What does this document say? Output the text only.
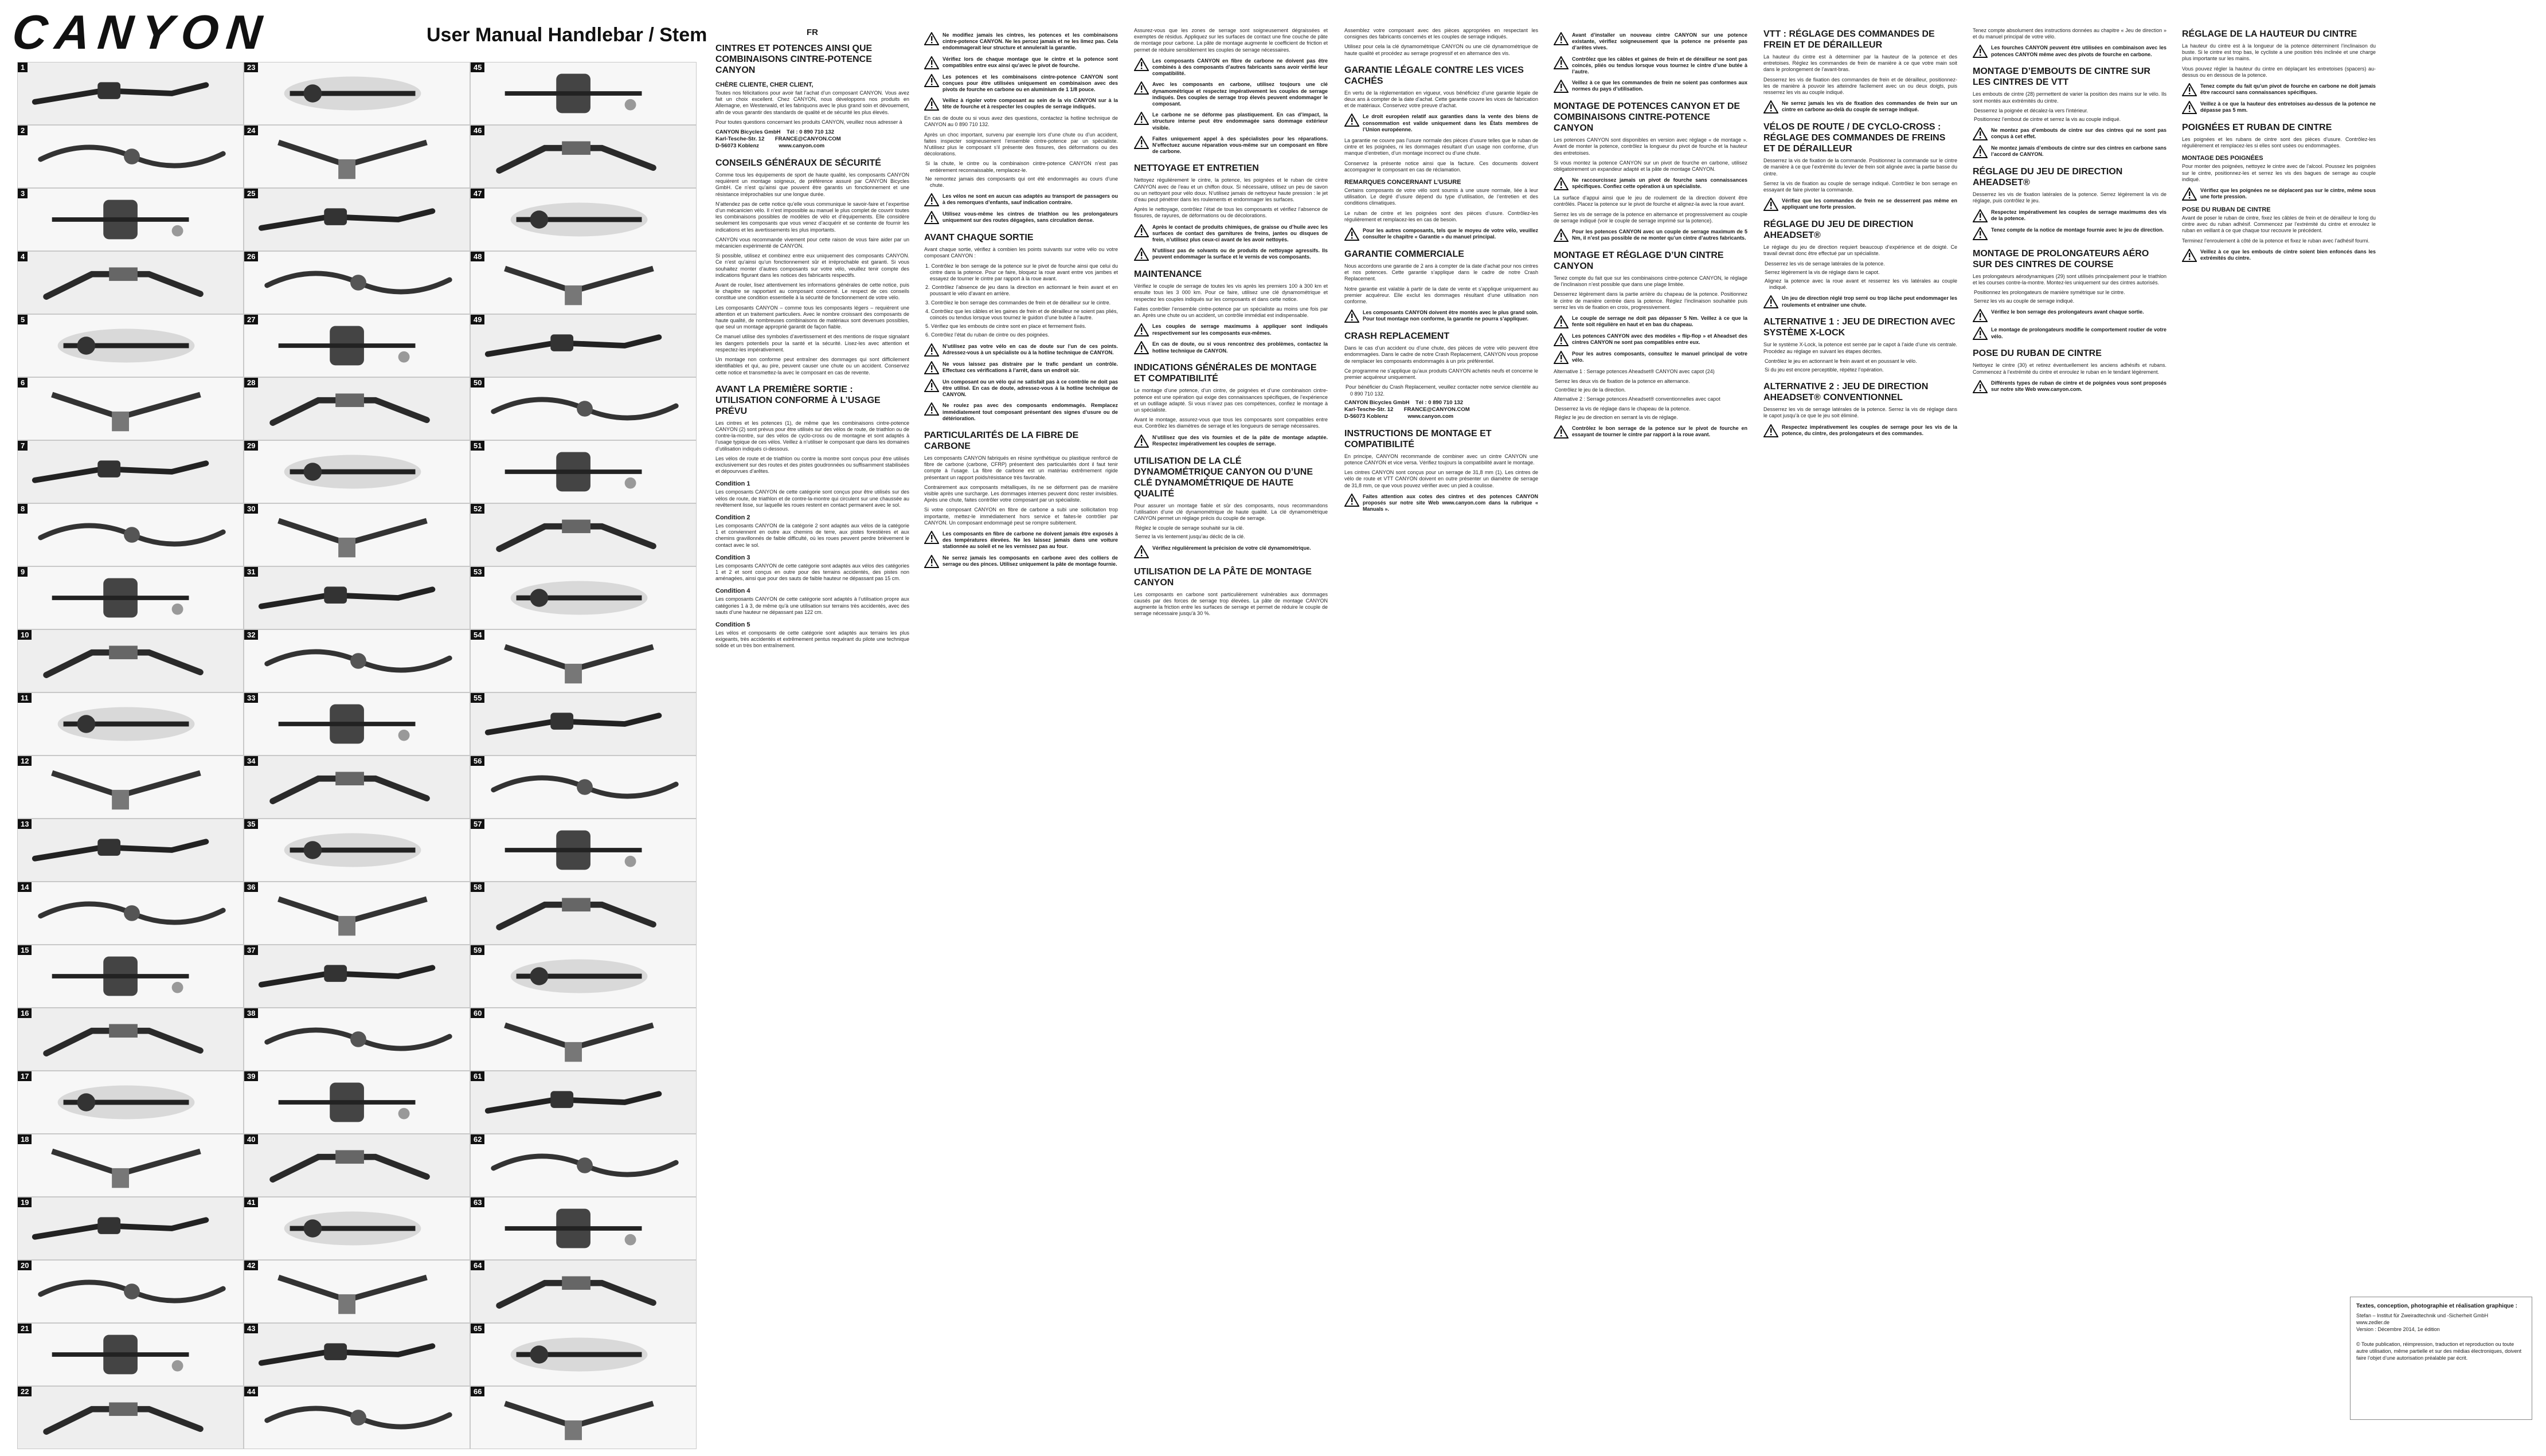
CANYON	User Manual Handlebar / Stem
1
2
3
4
5
6
7
8
9
10
11
12
13
14
15
16
17
18
19
20
21
22
23
24
25
26
27
28
29
30
31
32
33
34
35
36
37
38
39
40
41
42
43
44
45
46
47
48
49
50
51
52
53
54
55
56
57
58
59
60
61
62
63
64
65
66
FR
CINTRES ET POTENCES AINSI QUE COMBINAISONS CINTRE-POTENCE CANYON
CHÈRE CLIENTE, CHER CLIENT,

Toutes nos félicitations pour avoir fait l’achat d’un composant CANYON. Vous avez fait un choix excellent. Chez CANYON, nous développons nos produits en Allemagne, en Westerwald, et les fabriquons avec le plus grand soin et dévouement, afin de vous garantir des standards de qualité et de sécurité les plus élevés.

Pour toutes questions concernant les produits CANYON, veuillez nous adresser à

CANYON Bicycles GmbH    Tél : 0 890 710 132
Karl-Tesche-Str. 12       FRANCE@CANYON.COM
D-56073 Koblenz             www.canyon.com
CONSEILS GÉNÉRAUX DE SÉCURITÉ

Comme tous les équipements de sport de haute qualité, les composants CANYON requièrent un montage soigneux, de préférence assuré par CANYON Bicycles GmbH. Ce n’est qu’ainsi que pouvent être garantis un fonctionnement et une résistance irréprochables sur une longue durée.

N’attendez pas de cette notice qu’elle vous communique le savoir-faire et l’expertise d’un mécanicien vélo. Il n’est impossible au manuel le plus complet de couvrir toutes les combinaisons possibles de modèles de vélo et d’équipements. Elle considère seulement les composants que vous venez d’acquérir et se contente de fournir les indications et les avertissements les plus importants.

CANYON vous recommande vivement pour cette raison de vous faire aider par un mécanicien expérimenté de CANYON.

Si possible, utilisez et combinez entre eux uniquement des composants CANYON. Ce n’est qu’ainsi qu’un fonctionnement sûr et irréprochable est garanti. Si vous souhaitez monter d’autres composants sur votre vélo, veuillez tenir compte des indications figurant dans les notices des fabricants respectifs.

Avant de rouler, lisez attentivement les informations générales de cette notice, puis le chapitre se rapportant au composant concerné. Le respect de ces conseils constitue une condition essentielle à la sécurité de fonctionnement de votre vélo.

Les composants CANYON – comme tous les composants légers – requièrent une attention et un traitement particuliers. Avec le nombre croissant des composants de haute qualité, de nombreuses combinaisons de matériaux sont devenues possibles, que seul un montage approprié garantit de façon fiable.

Ce manuel utilise des symboles d’avertissement et des mentions de risque signalant les dangers potentiels pour la santé et la sécurité. Lisez-les avec attention et respectez-les impérativement.

Un montage non conforme peut entraîner des dommages qui sont difficilement identifiables et qui, au pire, peuvent causer une chute ou un accident. Conservez cette notice et transmettez-la avec le composant en cas de revente.

AVANT LA PREMIÈRE SORTIE : UTILISATION CONFORME À L’USAGE PRÉVU

Les cintres et les potences (1), de même que les combinaisons cintre-potence CANYON (2) sont prévus pour être utilisés sur des vélos de route, de triathlon ou de contre-la-montre, sur des vélos de cyclo-cross ou de montagne et sont adaptés à l’usage typique de ces vélos. Veillez à n’utiliser le composant que dans les domaines d’utilisation indiqués ci-dessous.

Les vélos de route et de triathlon ou contre la montre sont conçus pour être utilisés exclusivement sur des routes et des pistes goudronnées ou suffisamment stabilisées et dépourvues d’arêtes.

Condition 1

Les composants CANYON de cette catégorie sont conçus pour être utilisés sur des vélos de route, de triathlon et de contre-la-montre qui circulent sur une chaussée au revêtement lisse, sur laquelle les roues restent en contact permanent avec le sol.

Condition 2

Les composants CANYON de la catégorie 2 sont adaptés aux vélos de la catégorie 1 et conviennent en outre aux chemins de terre, aux pistes forestières et aux chemins gravillonnés de faible difficulté, où les roues peuvent perdre brièvement le contact avec le sol.

Condition 3

Les composants CANYON de cette catégorie sont adaptés aux vélos des catégories 1 et 2 et sont conçus en outre pour des terrains accidentés, des pistes non aménagées, ainsi que pour des sauts de faible hauteur ne dépassant pas 15 cm.

Condition 4

Les composants CANYON de cette catégorie sont adaptés à l’utilisation propre aux catégories 1 à 3, de même qu’à une utilisation sur terrains très accidentés, avec des sauts d’une hauteur ne dépassant pas 122 cm.

Condition 5

Les vélos et composants de cette catégorie sont adaptés aux terrains les plus exigeants, très accidentés et extrêmement pentus requérant du pilote une technique solide et un très bon entraînement.

Ne modifiez jamais les cintres, les potences et les combinaisons cintre-potence CANYON. Ne les percez jamais et ne les limez pas. Cela endommagerait leur structure et annulerait la garantie.
Vérifiez lors de chaque montage que le cintre et la potence sont compatibles entre eux ainsi qu’avec le pivot de fourche.
Les potences et les combinaisons cintre-potence CANYON sont conçues pour être utilisées uniquement en combinaison avec des pivots de fourche en carbone ou en aluminium de 1 1/8 pouce.
Veillez à rigoler votre composant au sein de la vis CANYON sur à la tête de fourche et à respecter les couples de serrage indiqués.

En cas de doute ou si vous avez des questions, contactez la hotline technique de CANYON au 0 890 710 132.

Après un choc important, survenu par exemple lors d’une chute ou d’un accident, faites inspecter soigneusement l’ensemble cintre-potence par un spécialiste. N’utilisez plus le composant s’il présente des fissures, des déformations ou des décolorations.

Si la chute, le cintre ou la combinaison cintre-potence CANYON n’est pas entièrement reconnaissable, remplacez-le.

Ne remontez jamais des composants qui ont été endommagés au cours d’une chute.

Les vélos ne sont en aucun cas adaptés au transport de passagers ou à des remorques d’enfants, sauf indication contraire.
Utilisez vous-même les cintres de triathlon ou les prolongateurs uniquement sur des routes dégagées, sans circulation dense.
AVANT CHAQUE SORTIE

Avant chaque sortie, vérifiez à combien les points suivants sur votre vélo ou votre composant CANYON :

1. Contrôlez le bon serrage de la potence sur le pivot de fourche ainsi que celui du cintre dans la potence. Pour ce faire, bloquez la roue avant entre vos jambes et essayez de tourner le cintre par rapport à la roue avant.

2. Contrôlez l’absence de jeu dans la direction en actionnant le frein avant et en poussant le vélo d’avant en arrière.

3. Contrôlez le bon serrage des commandes de frein et de dérailleur sur le cintre.

4. Contrôlez que les câbles et les gaines de frein et de dérailleur ne soient pas pliés, coincés ou tendus lorsque vous tournez le guidon d’une butée à l’autre.

5. Vérifiez que les embouts de cintre sont en place et fermement fixés.

6. Contrôlez l’état du ruban de cintre ou des poignées.

N’utilisez pas votre vélo en cas de doute sur l’un de ces points. Adressez-vous à un spécialiste ou à la hotline technique de CANYON.
Ne vous laissez pas distraire par le trafic pendant un contrôle. Effectuez ces vérifications à l’arrêt, dans un endroit sûr.
Un composant ou un vélo qui ne satisfait pas à ce contrôle ne doit pas être utilisé. En cas de doute, adressez-vous à la hotline technique de CANYON.
Ne roulez pas avec des composants endommagés. Remplacez immédiatement tout composant présentant des signes d’usure ou de détérioration.
PARTICULARITÉS DE LA FIBRE DE CARBONE

Les composants CANYON fabriqués en résine synthétique ou plastique renforcé de fibre de carbone (carbone, CFRP) présentent des particularités dont il faut tenir compte à l’usage. La fibre de carbone est un matériau extrêmement rigide présentant un rapport poids/résistance très favorable.

Contrairement aux composants métalliques, ils ne se déforment pas de manière visible après une surcharge. Les dommages internes peuvent donc rester invisibles. Après une chute, faites contrôler votre composant par un spécialiste.

Si votre composant CANYON en fibre de carbone a subi une sollicitation trop importante, mettez-le immédiatement hors service et faites-le contrôler par CANYON. Un composant endommagé peut se rompre subitement.

Les composants en fibre de carbone ne doivent jamais être exposés à des températures élevées. Ne les laissez jamais dans une voiture stationnée au soleil et ne les vernissez pas au four.
Ne serrez jamais les composants en carbone avec des colliers de serrage ou des pinces. Utilisez uniquement la pâte de montage fournie.

Assurez-vous que les zones de serrage sont soigneusement dégraissées et exemptes de résidus. Appliquez sur les surfaces de contact une fine couche de pâte de montage pour carbone. La pâte de montage augmente le coefficient de friction et permet de réduire sensiblement les couples de serrage nécessaires.

Les composants CANYON en fibre de carbone ne doivent pas être combinés à des composants d’autres fabricants sans avoir vérifié leur compatibilité.
Avec les composants en carbone, utilisez toujours une clé dynamométrique et respectez impérativement les couples de serrage indiqués. Des couples de serrage trop élevés peuvent endommager le composant.
Le carbone ne se déforme pas plastiquement. En cas d’impact, la structure interne peut être endommagée sans dommage extérieur visible.
Faites uniquement appel à des spécialistes pour les réparations. N’effectuez aucune réparation vous-même sur un composant en fibre de carbone.
NETTOYAGE ET ENTRETIEN

Nettoyez régulièrement le cintre, la potence, les poignées et le ruban de cintre CANYON avec de l’eau et un chiffon doux. Si nécessaire, utilisez un peu de savon ou un nettoyant pour vélo doux. N’utilisez jamais de nettoyeur haute pression : le jet d’eau peut pénétrer dans les roulements et endommager les surfaces.

Après le nettoyage, contrôlez l’état de tous les composants et vérifiez l’absence de fissures, de rayures, de déformations ou de décolorations.

Après le contact de produits chimiques, de graisse ou d’huile avec les surfaces de contact des garnitures de freins, jantes ou disques de frein, n’utilisez plus ceux-ci avant de les avoir nettoyés.
N’utilisez pas de solvants ou de produits de nettoyage agressifs. Ils peuvent endommager la surface et le vernis de vos composants.
MAINTENANCE

Vérifiez le couple de serrage de toutes les vis après les premiers 100 à 300 km et ensuite tous les 3 000 km. Pour ce faire, utilisez une clé dynamométrique et respectez les couples indiqués sur les composants et dans cette notice.

Faites contrôler l’ensemble cintre-potence par un spécialiste au moins une fois par an. Après une chute ou un accident, un contrôle immédiat est indispensable.

Les couples de serrage maximums à appliquer sont indiqués respectivement sur les composants eux-mêmes.
En cas de doute, ou si vous rencontrez des problèmes, contactez la hotline technique de CANYON.
INDICATIONS GÉNÉRALES DE MONTAGE ET COMPATIBILITÉ

Le montage d’une potence, d’un cintre, de poignées et d’une combinaison cintre-potence est une opération qui exige des connaissances spécifiques, de l’expérience et un outillage adapté. Si vous n’avez pas ces compétences, confiez le montage à un spécialiste.

Avant le montage, assurez-vous que tous les composants sont compatibles entre eux. Contrôlez les diamètres de serrage et les longueurs de serrage nécessaires.

N’utilisez que des vis fournies et de la pâte de montage adaptée. Respectez impérativement les couples de serrage.
UTILISATION DE LA CLÉ DYNAMOMÉTRIQUE CANYON OU D’UNE CLÉ DYNAMOMÉTRIQUE DE HAUTE QUALITÉ

Pour assurer un montage fiable et sûr des composants, nous recommandons l’utilisation d’une clé dynamométrique de haute qualité. La clé dynamométrique CANYON permet un réglage précis du couple de serrage.

Réglez le couple de serrage souhaité sur la clé.

Serrez la vis lentement jusqu’au déclic de la clé.

Vérifiez régulièrement la précision de votre clé dynamométrique.
UTILISATION DE LA PÂTE DE MONTAGE CANYON

Les composants en carbone sont particulièrement vulnérables aux dommages causés par des forces de serrage trop élevées. La pâte de montage CANYON augmente la friction entre les surfaces de serrage et permet de réduire le couple de serrage nécessaire jusqu’à 30 %.

Assemblez votre composant avec des pièces appropriées en respectant les consignes des fabricants concernés et les couples de serrage indiqués.

Utilisez pour cela la clé dynamométrique CANYON ou une clé dynamométrique de haute qualité et procédez au serrage progressif et en alternance des vis.

GARANTIE LÉGALE CONTRE LES VICES CACHÉS

En vertu de la réglementation en vigueur, vous bénéficiez d’une garantie légale de deux ans à compter de la date d’achat. Cette garantie couvre les vices de fabrication et de matériaux. Conservez votre preuve d’achat.

Le droit européen relatif aux garanties dans la vente des biens de consommation est valide uniquement dans les États membres de l’Union européenne.

La garantie ne couvre pas l’usure normale des pièces d’usure telles que le ruban de cintre et les poignées, ni les dommages résultant d’un usage non conforme, d’un manque d’entretien, d’un montage incorrect ou d’une chute.

Conservez la présente notice ainsi que la facture. Ces documents doivent accompagner le composant en cas de réclamation.

REMARQUES CONCERNANT L’USURE

Certains composants de votre vélo sont soumis à une usure normale, liée à leur utilisation. Le degré d’usure dépend du type d’utilisation, de l’entretien et des conditions climatiques.

Le ruban de cintre et les poignées sont des pièces d’usure. Contrôlez-les régulièrement et remplacez-les en cas de besoin.

Pour les autres composants, tels que le moyeu de votre vélo, veuillez consulter le chapitre « Garantie » du manuel principal.
GARANTIE COMMERCIALE

Nous accordons une garantie de 2 ans à compter de la date d’achat pour nos cintres et nos potences. Cette garantie s’applique dans le cadre de notre Crash Replacement.

Notre garantie est valable à partir de la date de vente et s’applique uniquement au premier acquéreur. Elle exclut les dommages résultant d’une utilisation non conforme.

Les composants CANYON doivent être montés avec le plus grand soin. Pour tout montage non conforme, la garantie ne pourra s’appliquer.
CRASH REPLACEMENT

Dans le cas d’un accident ou d’une chute, des pièces de votre vélo peuvent être endommagées. Dans le cadre de notre Crash Replacement, CANYON vous propose de remplacer les composants endommagés à un prix préférentiel.

Ce programme ne s’applique qu’aux produits CANYON achetés neufs et concerne le premier acquéreur uniquement.

Pour bénéficier du Crash Replacement, veuillez contacter notre service clientèle au 0 890 710 132.

CANYON Bicycles GmbH    Tél : 0 890 710 132
Karl-Tesche-Str. 12       FRANCE@CANYON.COM
D-56073 Koblenz             www.canyon.com
INSTRUCTIONS DE MONTAGE ET COMPATIBILITÉ

En principe, CANYON recommande de combiner avec un cintre CANYON une potence CANYON et vice versa. Vérifiez toujours la compatibilité avant le montage.

Les cintres CANYON sont conçus pour un serrage de 31,8 mm (1). Les cintres de vélo de route et VTT CANYON doivent en outre présenter un diamètre de serrage de 31,8 mm, ce que vous pouvez vérifier avec un pied à coulisse.

Faites attention aux cotes des cintres et des potences CANYON proposés sur notre site Web www.canyon.com dans la rubrique « Manuals ».
Avant d’installer un nouveau cintre CANYON sur une potence existante, vérifiez soigneusement que la potence ne présente pas d’arêtes vives.
Contrôlez que les câbles et gaines de frein et de dérailleur ne sont pas coincés, pliés ou tendus lorsque vous tournez le cintre d’une butée à l’autre.
Veillez à ce que les commandes de frein ne soient pas conformes aux normes du pays d’utilisation.
MONTAGE DE POTENCES CANYON ET DE COMBINAISONS CINTRE-POTENCE CANYON

Les potences CANYON sont disponibles en version avec réglage « de montage ». Avant de monter la potence, contrôlez la longueur du pivot de fourche et la hauteur des entretoises.

Si vous montez la potence CANYON sur un pivot de fourche en carbone, utilisez obligatoirement un expandeur adapté et la pâte de montage CANYON.

Ne raccourcissez jamais un pivot de fourche sans connaissances spécifiques. Confiez cette opération à un spécialiste.

La surface d’appui ainsi que le jeu de roulement de la direction doivent être contrôlés. Placez la potence sur le pivot de fourche et alignez-la avec la roue avant.

Serrez les vis de serrage de la potence en alternance et progressivement au couple de serrage indiqué (voir le couple de serrage imprimé sur la potence).

Pour les potences CANYON avec un couple de serrage maximum de 5 Nm, il n’est pas possible de ne monter qu’un cintre d’autres fabricants.
MONTAGE ET RÉGLAGE D’UN CINTRE CANYON

Tenez compte du fait que sur les combinaisons cintre-potence CANYON, le réglage de l’inclinaison n’est possible que dans une plage limitée.

Desserrez légèrement dans la partie arrière du chapeau de la potence. Positionnez le cintre de manière centrée dans la potence. Réglez l’inclinaison souhaitée puis serrez les vis de fixation en croix, progressivement.

Le couple de serrage ne doit pas dépasser 5 Nm. Veillez à ce que la fente soit régulière en haut et en bas du chapeau.
Les potences CANYON avec des modèles « flip-flop » et Aheadset des cintres CANYON ne sont pas compatibles entre eux.
Pour les autres composants, consultez le manuel principal de votre vélo.

Alternative 1 : Serrage potences Aheadset® CANYON avec capot (24)

Serrez les deux vis de fixation de la potence en alternance.

Contrôlez le jeu de la direction.

Alternative 2 : Serrage potences Aheadset® conventionnelles avec capot

Desserrez la vis de réglage dans le chapeau de la potence.

Réglez le jeu de direction en serrant la vis de réglage.

Contrôlez le bon serrage de la potence sur le pivot de fourche en essayant de tourner le cintre par rapport à la roue avant.
VTT : RÉGLAGE DES COMMANDES DE FREIN ET DE DÉRAILLEUR

La hauteur du cintre est à déterminer par la hauteur de la potence et des entretoises. Réglez les commandes de frein de manière à ce que votre main soit dans le prolongement de l’avant-bras.

Desserrez les vis de fixation des commandes de frein et de dérailleur, positionnez-les de manière à pouvoir les atteindre facilement avec un ou deux doigts, puis resserrez les vis au couple indiqué.

Ne serrez jamais les vis de fixation des commandes de frein sur un cintre en carbone au-delà du couple de serrage indiqué.
VÉLOS DE ROUTE / DE CYCLO-CROSS : RÉGLAGE DES COMMANDES DE FREINS ET DE DÉRAILLEUR

Desserrez la vis de fixation de la commande. Positionnez la commande sur le cintre de manière à ce que l’extrémité du levier de frein soit alignée avec la partie basse du cintre.

Serrez la vis de fixation au couple de serrage indiqué. Contrôlez le bon serrage en essayant de faire pivoter la commande.

Vérifiez que les commandes de frein ne se desserrent pas même en appliquant une forte pression.
RÉGLAGE DU JEU DE DIRECTION AHEADSET®

Le réglage du jeu de direction requiert beaucoup d’expérience et de doigté. Ce travail devrait donc être effectué par un spécialiste.

Desserrez les vis de serrage latérales de la potence.

Serrez légèrement la vis de réglage dans le capot.

Alignez la potence avec la roue avant et resserrez les vis latérales au couple indiqué.

Un jeu de direction réglé trop serré ou trop lâche peut endommager les roulements et entraîner une chute.
ALTERNATIVE 1 : JEU DE DIRECTION AVEC SYSTÈME X-LOCK

Sur le système X-Lock, la potence est serrée par le capot à l’aide d’une vis centrale. Procédez au réglage en suivant les étapes décrites.

Contrôlez le jeu en actionnant le frein avant et en poussant le vélo.

Si du jeu est encore perceptible, répétez l’opération.

ALTERNATIVE 2 : JEU DE DIRECTION AHEADSET® CONVENTIONNEL

Desserrez les vis de serrage latérales de la potence. Serrez la vis de réglage dans le capot jusqu’à ce que le jeu soit éliminé.

Respectez impérativement les couples de serrage pour les vis de la potence, du cintre, des prolongateurs et des commandes.

Tenez compte absolument des instructions données au chapitre « Jeu de direction » et du manuel principal de votre vélo.

Les fourches CANYON peuvent être utilisées en combinaison avec les potences CANYON même avec des pivots de fourche en carbone.
MONTAGE D’EMBOUTS DE CINTRE SUR LES CINTRES DE VTT

Les embouts de cintre (28) permettent de varier la position des mains sur le vélo. Ils sont montés aux extrémités du cintre.

Desserrez la poignée et décalez-la vers l’intérieur.

Positionnez l’embout de cintre et serrez la vis au couple indiqué.

Ne montez pas d’embouts de cintre sur des cintres qui ne sont pas conçus à cet effet.
Ne montez jamais d’embouts de cintre sur des cintres en carbone sans l’accord de CANYON.
RÉGLAGE DU JEU DE DIRECTION AHEADSET®

Desserrez les vis de fixation latérales de la potence. Serrez légèrement la vis de réglage, puis contrôlez le jeu.

Respectez impérativement les couples de serrage maximums des vis de la potence.
Tenez compte de la notice de montage fournie avec le jeu de direction.
MONTAGE DE PROLONGATEURS AÉRO SUR DES CINTRES DE COURSE

Les prolongateurs aérodynamiques (29) sont utilisés principalement pour le triathlon et les courses contre-la-montre. Montez-les uniquement sur des cintres autorisés.

Positionnez les prolongateurs de manière symétrique sur le cintre.

Serrez les vis au couple de serrage indiqué.

Vérifiez le bon serrage des prolongateurs avant chaque sortie.
Le montage de prolongateurs modifie le comportement routier de votre vélo.
POSE DU RUBAN DE CINTRE

Nettoyez le cintre (30) et retirez éventuellement les anciens adhésifs et rubans. Commencez à l’extrémité du cintre et enroulez le ruban en le tendant légèrement.

Différents types de ruban de cintre et de poignées vous sont proposés sur notre site Web www.canyon.com.
RÉGLAGE DE LA HAUTEUR DU CINTRE

La hauteur du cintre est à la longueur de la potence déterminent l’inclinaison du buste. Si le cintre est trop bas, le cycliste a une position très inclinée et une charge plus importante sur les mains.

Vous pouvez régler la hauteur du cintre en déplaçant les entretoises (spacers) au-dessus ou en dessous de la potence.

Tenez compte du fait qu’un pivot de fourche en carbone ne doit jamais être raccourci sans connaissances spécifiques.
Veillez à ce que la hauteur des entretoises au-dessus de la potence ne dépasse pas 5 mm.
POIGNÉES ET RUBAN DE CINTRE

Les poignées et les rubans de cintre sont des pièces d’usure. Contrôlez-les régulièrement et remplacez-les si elles sont usées ou endommagées.

MONTAGE DES POIGNÉES

Pour monter des poignées, nettoyez le cintre avec de l’alcool. Poussez les poignées sur le cintre, positionnez-les et serrez les vis des bagues de serrage au couple indiqué.

Vérifiez que les poignées ne se déplacent pas sur le cintre, même sous une forte pression.
POSE DU RUBAN DE CINTRE

Avant de poser le ruban de cintre, fixez les câbles de frein et de dérailleur le long du cintre avec du ruban adhésif. Commencez par l’extrémité du cintre et enroulez le ruban en veillant à ce que chaque tour recouvre le précédent.

Terminez l’enroulement à côté de la potence et fixez le ruban avec l’adhésif fourni.

Veillez à ce que les embouts de cintre soient bien enfoncés dans les extrémités du cintre.
Textes, conception, photographie et réalisation graphique :

Stefan – Institut für Zweiradtechnik und -Sicherheit GmbH

www.zedler.de

Version : Décembre 2014, 1e édition

© Toute publication, réimpression, traduction et reproduction ou toute autre utilisation, même partielle et sur des médias électroniques, doivent faire l’objet d’une autorisation préalable par écrit.
